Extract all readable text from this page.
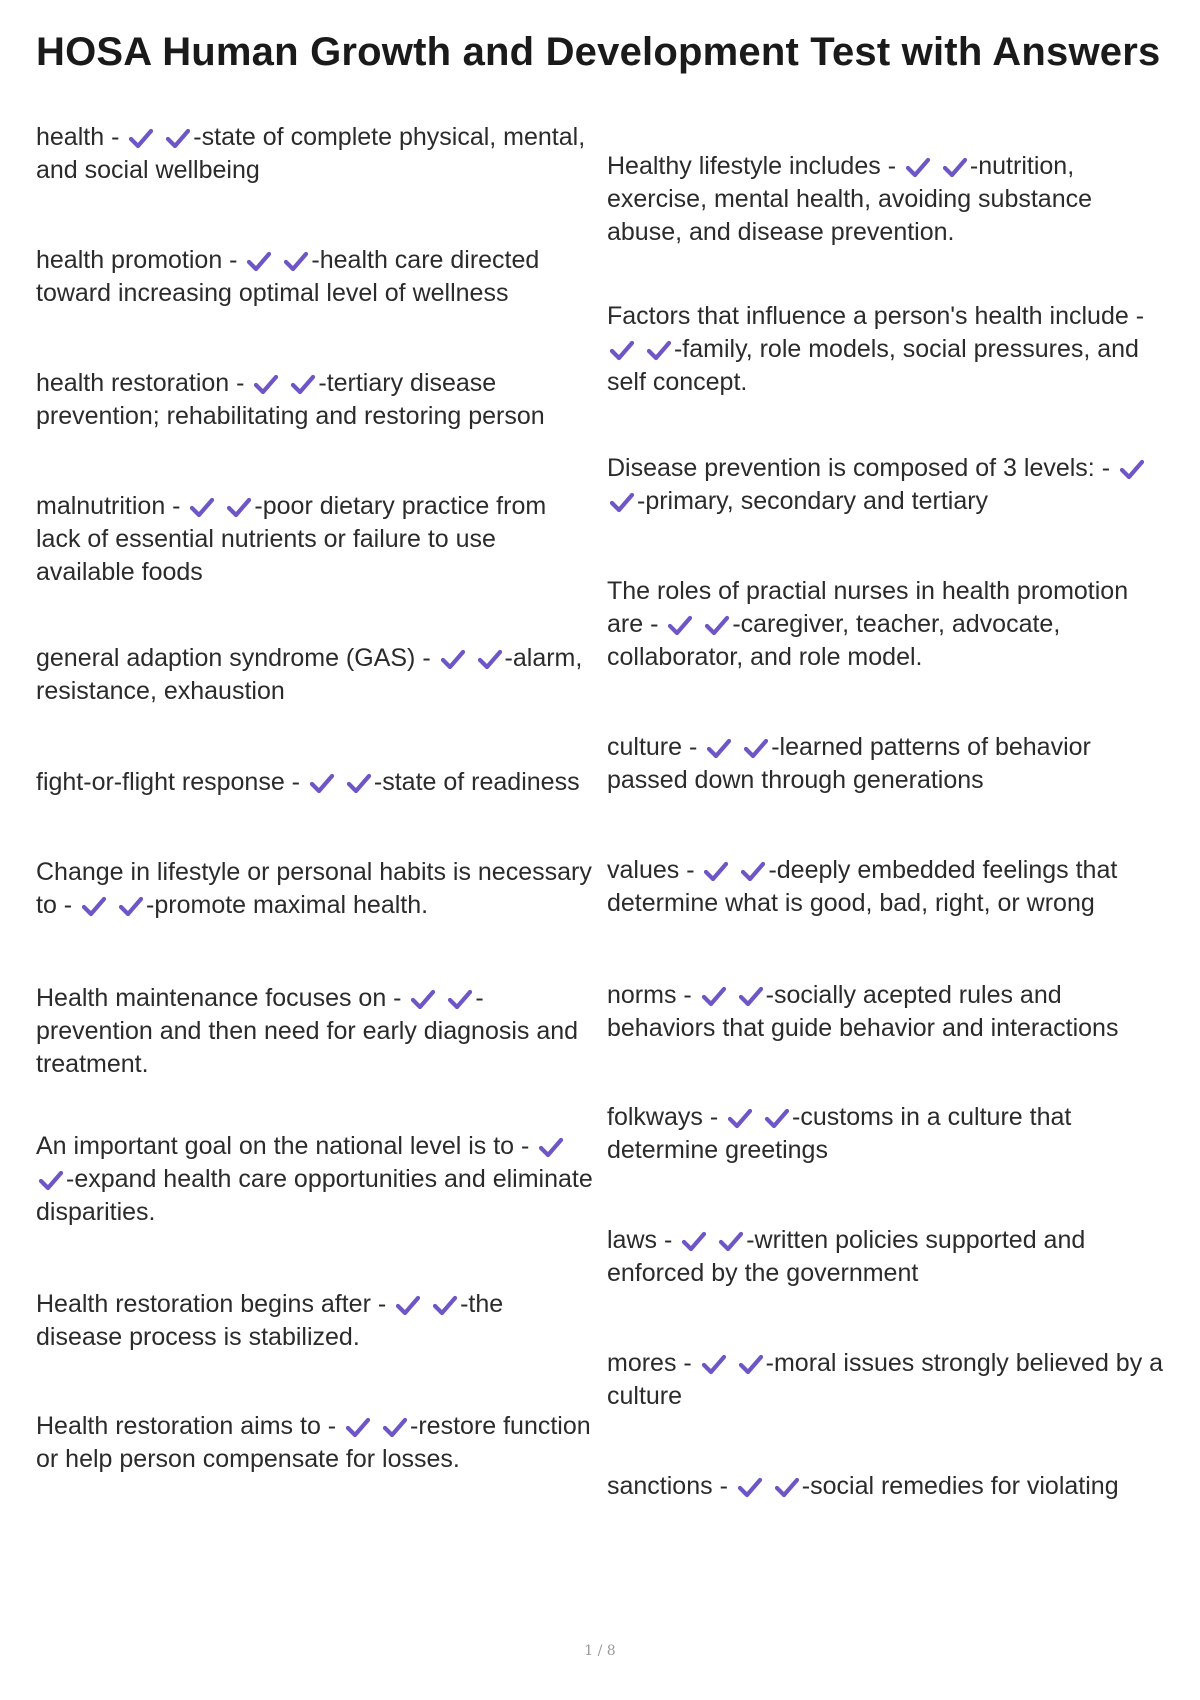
HOSA Human Growth and Development Test with Answers
health -
	-state of complete physical, mental, and social wellbeing
health promotion -
	-health care directed toward increasing optimal level of wellness
health restoration -
	-tertiary disease prevention; rehabilitating and restoring person
malnutrition -
	-poor dietary practice from lack of essential nutrients or failure to use available foods
general adaption syndrome (GAS) -
	-alarm, resistance, exhaustion
fight-or-flight response -
	-state of readiness
Change in lifestyle or personal habits is necessary to -
	-promote maximal health.
Health maintenance focuses on -
	-prevention and then need for early diagnosis and treatment.
An important goal on the national level is to -

-expand health care opportunities and eliminate disparities.
Health restoration begins after -
	-the disease process is stabilized.
Health restoration aims to -
	-restore function or help person compensate for losses.
Healthy lifestyle includes -
	-nutrition, exercise, mental health, avoiding substance abuse, and disease prevention.
Factors that influence a person's health include -

-family, role models, social pressures, and self concept.
Disease prevention is composed of 3 levels: -

-primary, secondary and tertiary
The roles of practial nurses in health promotion are -
	-caregiver, teacher, advocate, collaborator, and role model.
culture -
	-learned patterns of behavior passed down through generations
values -
	-deeply embedded feelings that determine what is good, bad, right, or wrong
norms -
	-socially acepted rules and behaviors that guide behavior and interactions
folkways -
	-customs in a culture that determine greetings
laws -
	-written policies supported and enforced by the government
mores -
	-moral issues strongly believed by a culture
sanctions -
	-social remedies for violating
1 / 8
